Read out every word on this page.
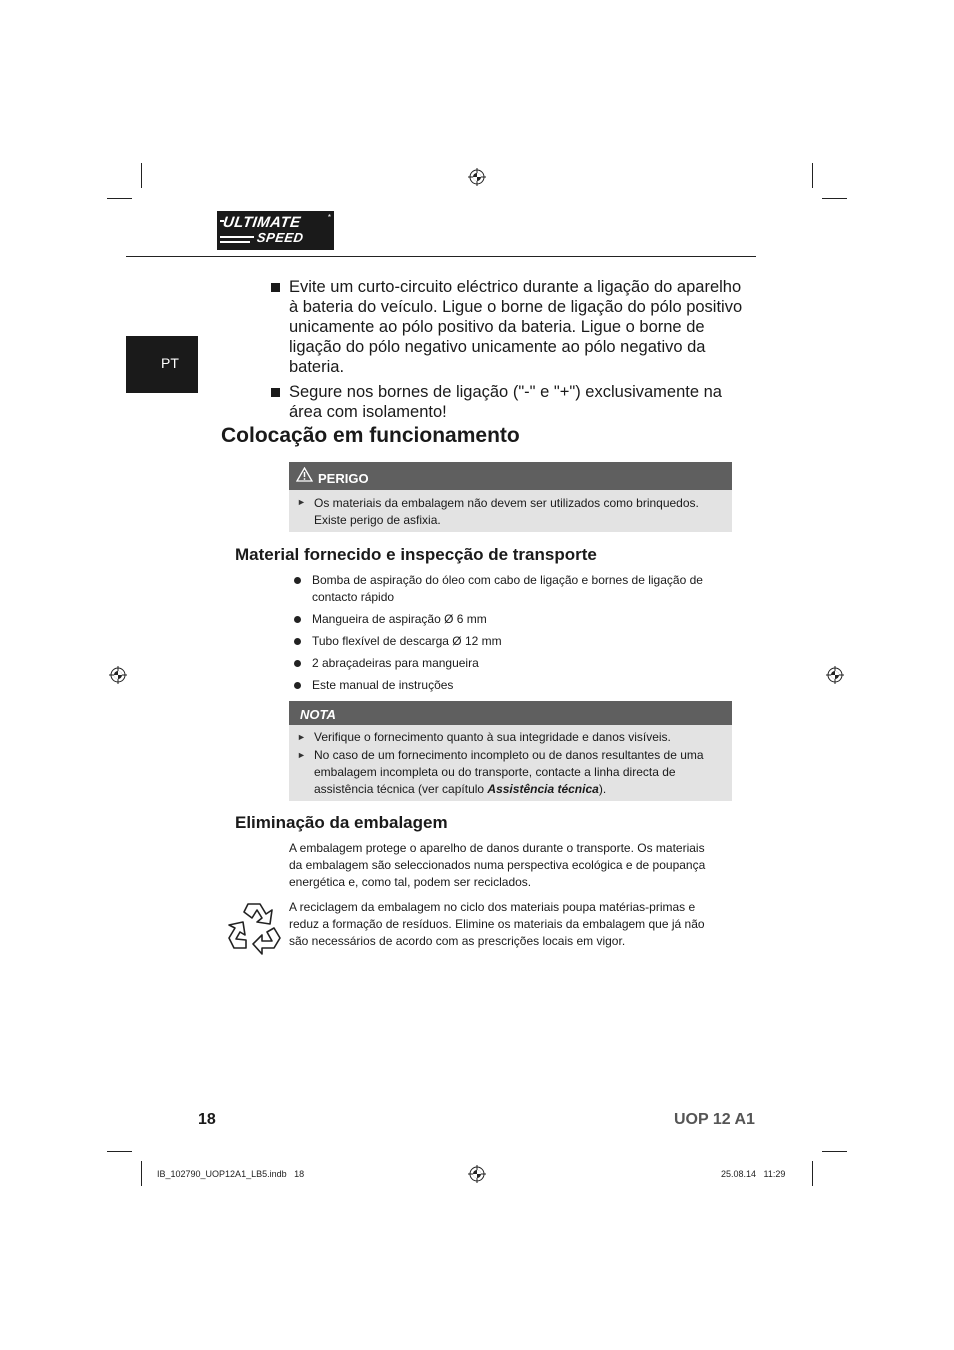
ULTIMATE
SPEED
*
PT
Evite um curto-circuito eléctrico durante a ligação do aparelho
à bateria do veículo. Ligue o borne de ligação do pólo positivo
unicamente ao pólo positivo da bateria. Ligue o borne de
ligação do pólo negativo unicamente ao pólo negativo da
bateria.
Segure nos bornes de ligação ("-" e "+") exclusivamente na
área com isolamento!
Colocação em funcionamento
PERIGO
► Os materiais da embalagem não devem ser utilizados como brinquedos.
Existe perigo de asfixia.
Material fornecido e inspecção de transporte
Bomba de aspiração do óleo com cabo de ligação e bornes de ligação de
contacto rápido
Mangueira de aspiração Ø 6 mm
Tubo flexível de descarga Ø 12 mm
2 abraçadeiras para mangueira
Este manual de instruções
NOTA
► Verifique o fornecimento quanto à sua integridade e danos visíveis.
► No caso de um fornecimento incompleto ou de danos resultantes de uma
embalagem incompleta ou do transporte, contacte a linha directa de
assistência técnica (ver capítulo Assistência técnica).
Eliminação da embalagem
A embalagem protege o aparelho de danos durante o transporte. Os materiais
da embalagem são seleccionados numa perspectiva ecológica e de poupança
energética e, como tal, podem ser reciclados.
A reciclagem da embalagem no ciclo dos materiais poupa matérias-primas e
reduz a formação de resíduos. Elimine os materiais da embalagem que já não
são necessários de acordo com as prescrições locais em vigor.
18	UOP 12 A1
IB_102790_UOP12A1_LB5.indb   18	25.08.14   11:29
